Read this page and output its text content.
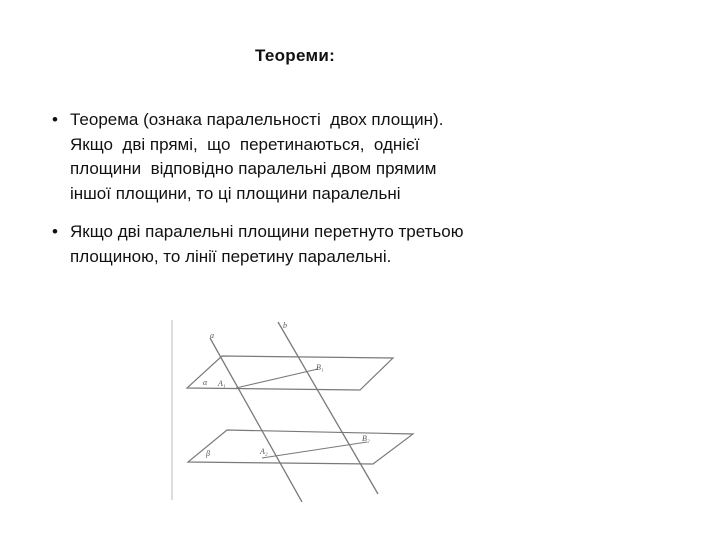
Теореми:
• Теорема (ознака паралельності  двох площин).
Якщо  дві прямі,  що  перетинаються,  однієї
площини  відповідно паралельні двом прямим
іншої площини, то ці площини паралельні
• Якщо дві паралельні площини перетнуто третьою
площиною, то лінії перетину паралельні.
a
b
α A₁
B₁
B₂
β	A₂
